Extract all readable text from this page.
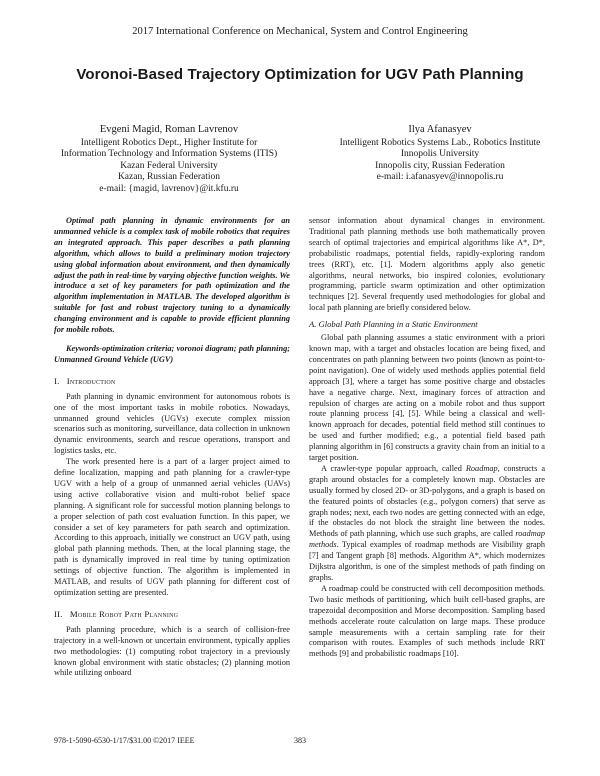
2017 International Conference on Mechanical, System and Control Engineering
Voronoi-Based Trajectory Optimization for UGV Path Planning
Evgeni Magid, Roman Lavrenov
Intelligent Robotics Dept., Higher Institute for
Information Technology and Information Systems (ITIS)
Kazan Federal University
Kazan, Russian Federation
e-mail: {magid, lavrenov}@it.kfu.ru
Ilya Afanasyev
Intelligent Robotics Systems Lab., Robotics Institute
Innopolis University
Innopolis city, Russian Federation
e-mail: i.afanasyev@innopolis.ru

Optimal path planning in dynamic environments for an unmanned vehicle is a complex task of mobile robotics that requires an integrated approach. This paper describes a path planning algorithm, which allows to build a preliminary motion trajectory using global information about environment, and then dynamically adjust the path in real-time by varying objective function weights. We introduce a set of key parameters for path optimization and the algorithm implementation in MATLAB. The developed algorithm is suitable for fast and robust trajectory tuning to a dynamically changing environment and is capable to provide efficient planning for mobile robots.

Keywords-optimization criteria; voronoi diagram; path planning; Unmanned Ground Vehicle (UGV)

I. Introduction

Path planning in dynamic environment for autonomous robots is one of the most important tasks in mobile robotics. Nowadays, unmanned ground vehicles (UGVs) execute complex mission scenarios such as monitoring, surveillance, data collection in unknown dynamic environments, search and rescue operations, transport and logistics tasks, etc.

The work presented here is a part of a larger project aimed to define localization, mapping and path planning for a crawler-type UGV with a help of a group of unmanned aerial vehicles (UAVs) using active collaborative vision and multi-robot belief space planning. A significant role for successful motion planning belongs to a proper selection of path cost evaluation function. In this paper, we consider a set of key parameters for path search and optimization. According to this approach, initially we construct an UGV path, using global path planning methods. Then, at the local planning stage, the path is dynamically improved in real time by tuning optimization settings of objective function. The algorithm is implemented in MATLAB, and results of UGV path planning for different cost of optimization setting are presented.

II. Mobile Robot Path Planning

Path planning procedure, which is a search of collision-free trajectory in a well-known or uncertain environment, typically applies two methodologies: (1) computing robot trajectory in a previously known global environment with static obstacles; (2) planning motion while utilizing onboard

sensor information about dynamical changes in environment. Traditional path planning methods use both mathematically proven search of optimal trajectories and empirical algorithms like A*, D*, probabilistic roadmaps, potential fields, rapidly-exploring random trees (RRT), etc. [1]. Modern algorithms apply also genetic algorithms, neural networks, bio inspired colonies, evolutionary programming, particle swarm optimization and other optimization techniques [2]. Several frequently used methodologies for global and local path planning are briefly considered below.

A. Global Path Planning in a Static Environment

Global path planning assumes a static environment with a priori known map, with a target and obstacles location are being fixed, and concentrates on path planning between two points (known as point-to-point navigation). One of widely used methods applies potential field approach [3], where a target has some positive charge and obstacles have a negative charge. Next, imaginary forces of attraction and repulsion of charges are acting on a mobile robot and thus support route planning process [4], [5]. While being a classical and well-known approach for decades, potential field method still continues to be used and further modified; e.g., a potential field based path planning algorithm in [6] constructs a gravity chain from an initial to a target position.

A crawler-type popular approach, called Roadmap, constructs a graph around obstacles for a completely known map. Obstacles are usually formed by closed 2D- or 3D-polygons, and a graph is based on the featured points of obstacles (e.g., polygon corners) that serve as graph nodes; next, each two nodes are getting connected with an edge, if the obstacles do not block the straight line between the nodes. Methods of path planning, which use such graphs, are called roadmap methods. Typical examples of roadmap methods are Visibility graph [7] and Tangent graph [8] methods. Algorithm A*, which modernizes Dijkstra algorithm, is one of the simplest methods of path finding on graphs.

A roadmap could be constructed with cell decomposition methods. Two basic methods of partitioning, which built cell-based graphs, are trapezoidal decomposition and Morse decomposition. Sampling based methods accelerate route calculation on large maps. These produce sample measurements with a certain sampling rate for their comparison with routes. Examples of such methods include RRT methods [9] and probabilistic roadmaps [10].

978-1-5090-6530-1/17/$31.00 ©2017 IEEE	383
